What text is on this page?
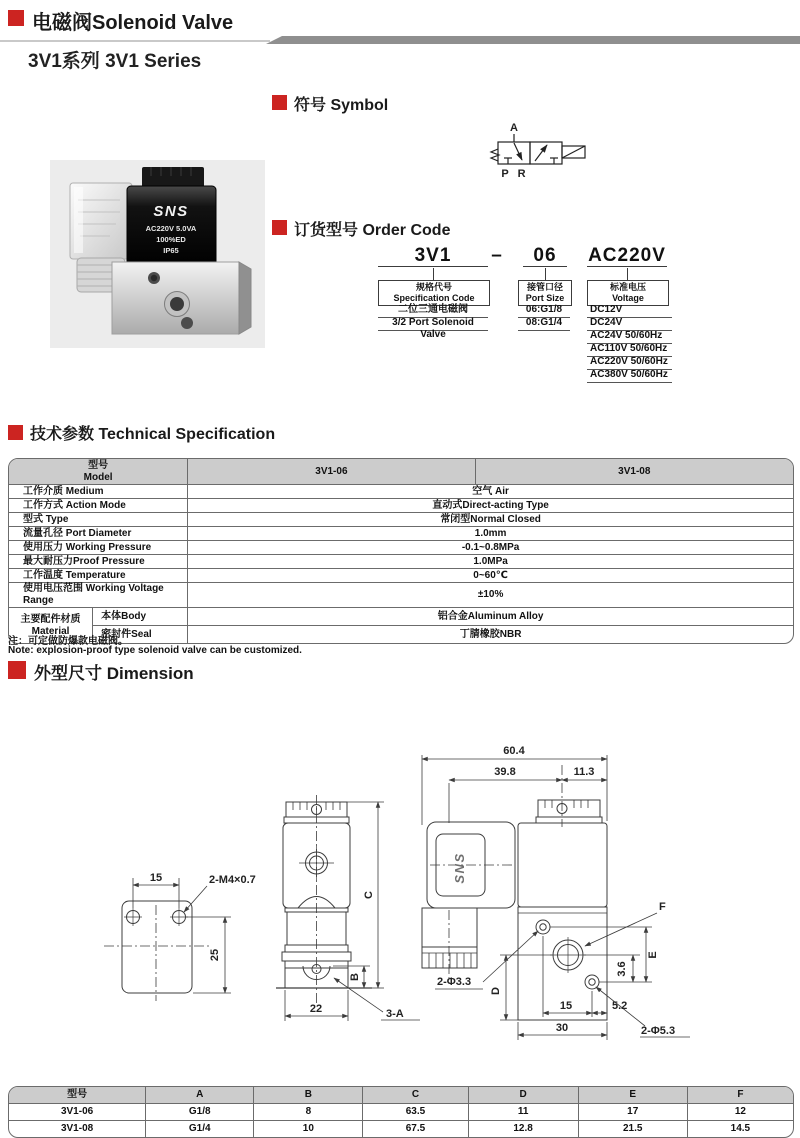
电磁阀Solenoid Valve
3V1系列 3V1 Series
SNS
AC220V 5.0VA
100%ED
IP65
符号 Symbol
A
P R
订货型号 Order Code
3V1	–	06	AC220V
规格代号
Specification Code
二位三通电磁阀
3/2 Port Solenoid Valve
接管口径
Port Size
06:G1/8
08:G1/4
标准电压
Voltage
DC12V
DC24V
AC24V 50/60Hz
AC110V 50/60Hz
AC220V 50/60Hz
AC380V 50/60Hz
技术参数 Technical Specification
型号
Model		3V1-06	3V1-08
工作介质 Medium		空气 Air	
工作方式 Action Mode		直动式Direct-acting Type	
型式 Type		常闭型Normal Closed	
流量孔径 Port Diameter		1.0mm	
使用压力 Working Pressure		-0.1~0.8MPa	
最大耐压力Proof Pressure		1.0MPa	
工作温度 Temperature		0~60℃	
使用电压范围 Working Voltage Range		±10%	
主要配件材质
Material	本体Body	铝合金Aluminum Alloy	
	密封件Seal	丁腈橡胶NBR	
注：可定做防爆款电磁阀。
Note: explosion-proof type solenoid valve can be customized.
外型尺寸 Dimension
15	2-M4×0.7
25
C
B
22	3-A
60.4
39.8	11.3
SNS
2-Φ3.3
F
E
3.6
D
15	5.2
30	2-Φ5.3
型号	A	B	C	D	E	F
3V1-06	G1/8	8	63.5	11	17	12
3V1-08	G1/4	10	67.5	12.8	21.5	14.5
